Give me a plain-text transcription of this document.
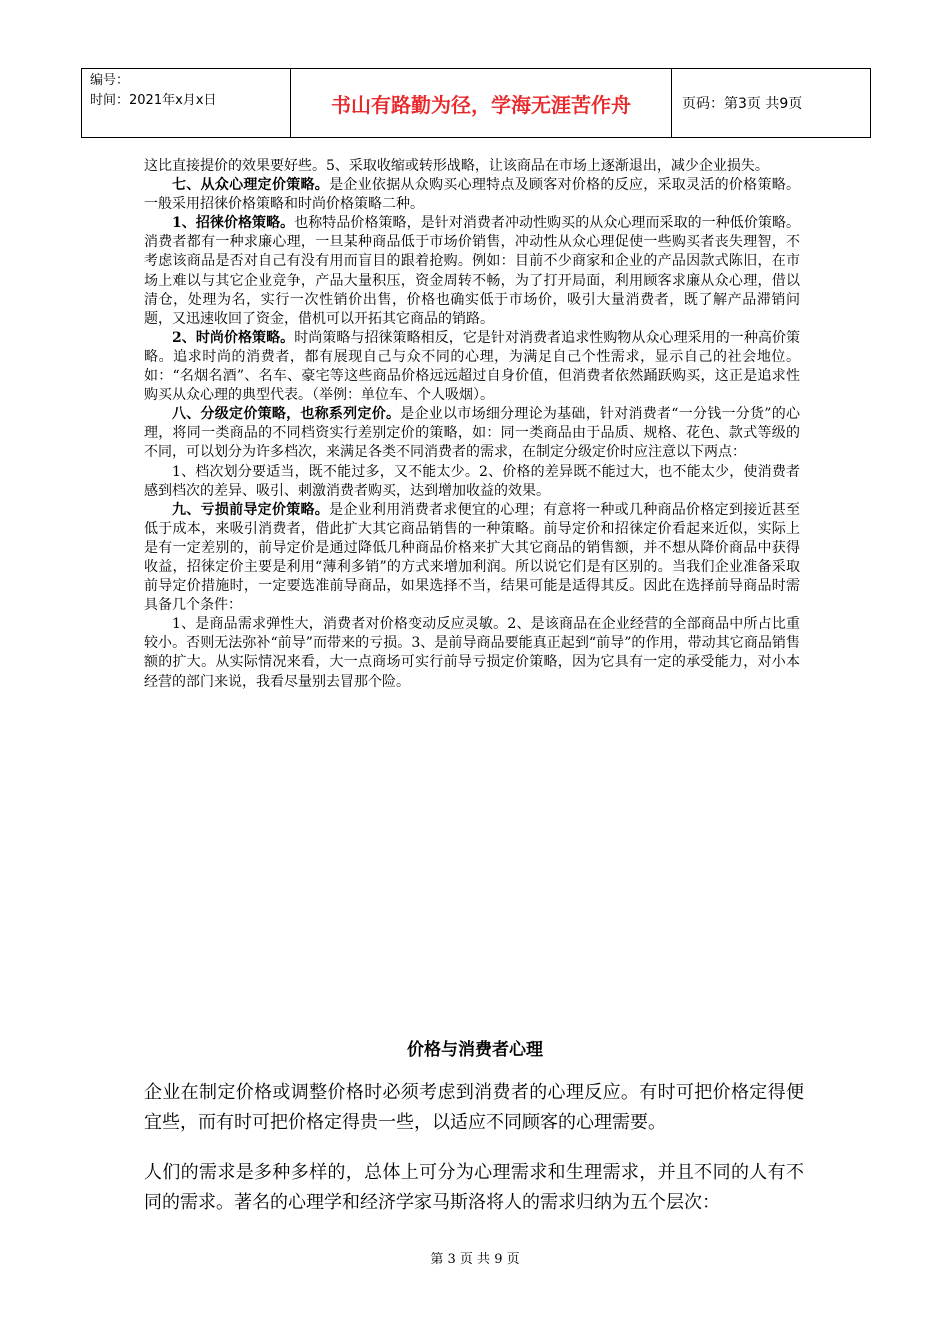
编号：
时间：2021年x月x日	书山有路勤为径，学海无涯苦作舟	页码：第3页 共9页

这比直接提价的效果要好些。5、采取收缩或转形战略，让该商品在市场上逐渐退出，减少企业损失。

七、从众心理定价策略。是企业依据从众购买心理特点及顾客对价格的反应，采取灵活的价格策略。一般采用招徕价格策略和时尚价格策略二种。

1、招徕价格策略。也称特品价格策略，是针对消费者冲动性购买的从众心理而采取的一种低价策略。消费者都有一种求廉心理，一旦某种商品低于市场价销售，冲动性从众心理促使一些购买者丧失理智，不考虑该商品是否对自己有没有用而盲目的跟着抢购。例如：目前不少商家和企业的产品因款式陈旧，在市场上难以与其它企业竞争，产品大量积压，资金周转不畅，为了打开局面，利用顾客求廉从众心理，借以清仓，处理为名，实行一次性销价出售，价格也确实低于市场价，吸引大量消费者，既了解产品滞销问题，又迅速收回了资金，借机可以开拓其它商品的销路。

2、时尚价格策略。时尚策略与招徕策略相反，它是针对消费者追求性购物从众心理采用的一种高价策略。追求时尚的消费者，都有展现自己与众不同的心理，为满足自己个性需求，显示自己的社会地位。如：“名烟名酒”、名车、豪宅等这些商品价格远远超过自身价值，但消费者依然踊跃购买，这正是追求性购买从众心理的典型代表。（举例：单位车、个人吸烟）。

八、分级定价策略，也称系列定价。是企业以市场细分理论为基础，针对消费者“一分钱一分货”的心理，将同一类商品的不同档资实行差别定价的策略，如：同一类商品由于品质、规格、花色、款式等级的不同，可以划分为许多档次，来满足各类不同消费者的需求，在制定分级定价时应注意以下两点：

1、档次划分要适当，既不能过多，又不能太少。2、价格的差异既不能过大，也不能太少，使消费者感到档次的差异、吸引、刺激消费者购买，达到增加收益的效果。

九、亏损前导定价策略。是企业利用消费者求便宜的心理；有意将一种或几种商品价格定到接近甚至低于成本，来吸引消费者，借此扩大其它商品销售的一种策略。前导定价和招徕定价看起来近似，实际上是有一定差别的，前导定价是通过降低几种商品价格来扩大其它商品的销售额，并不想从降价商品中获得收益，招徕定价主要是利用“薄利多销”的方式来增加利润。所以说它们是有区别的。当我们企业准备采取前导定价措施时，一定要选准前导商品，如果选择不当，结果可能是适得其反。因此在选择前导商品时需具备几个条件：

1、是商品需求弹性大，消费者对价格变动反应灵敏。2、是该商品在企业经营的全部商品中所占比重较小。否则无法弥补“前导”而带来的亏损。3、是前导商品要能真正起到“前导”的作用，带动其它商品销售额的扩大。从实际情况来看，大一点商场可实行前导亏损定价策略，因为它具有一定的承受能力，对小本经营的部门来说，我看尽量别去冒那个险。

价格与消费者心理

企业在制定价格或调整价格时必须考虑到消费者的心理反应。有时可把价格定得便宜些，而有时可把价格定得贵一些，以适应不同顾客的心理需要。

人们的需求是多种多样的，总体上可分为心理需求和生理需求，并且不同的人有不同的需求。著名的心理学和经济学家马斯洛将人的需求归纳为五个层次：

第 3 页 共 9 页
